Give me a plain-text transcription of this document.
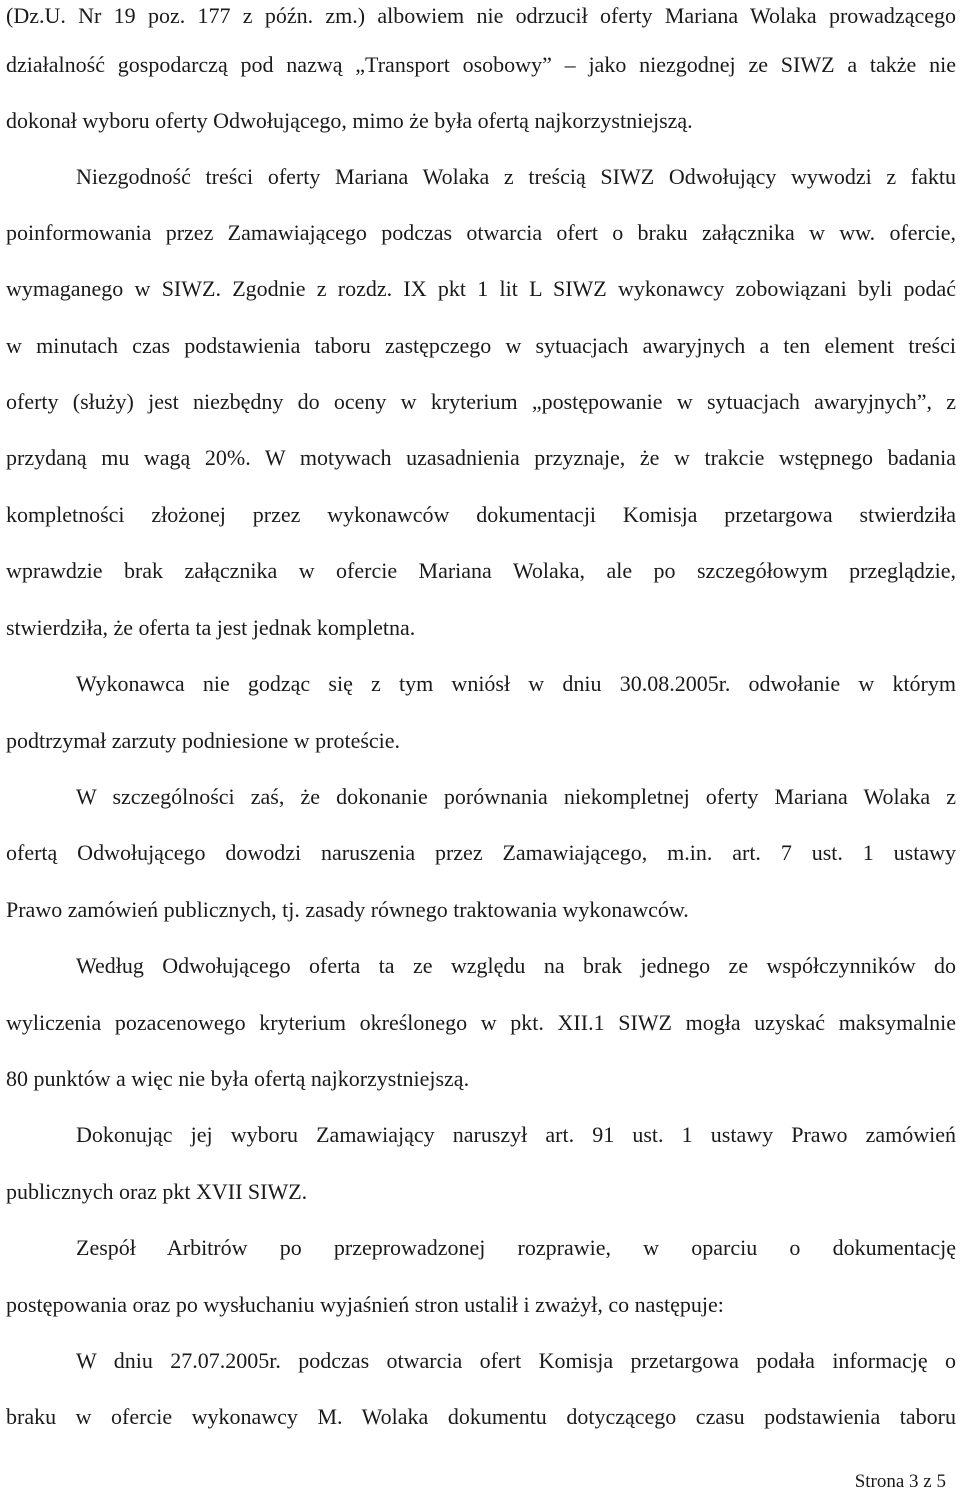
(Dz.U. Nr 19 poz. 177 z późn. zm.) albowiem nie odrzucił oferty Mariana Wolaka prowadzącego
działalność gospodarczą pod nazwą „Transport osobowy” – jako niezgodnej ze SIWZ a także nie
dokonał wyboru oferty Odwołującego, mimo że była ofertą najkorzystniejszą.
Niezgodność treści oferty Mariana Wolaka z treścią SIWZ Odwołujący wywodzi z faktu
poinformowania przez Zamawiającego podczas otwarcia ofert o braku załącznika w ww. ofercie,
wymaganego w SIWZ. Zgodnie z rozdz. IX pkt 1 lit L SIWZ wykonawcy zobowiązani byli podać
w minutach czas podstawienia taboru zastępczego w sytuacjach awaryjnych a ten element treści
oferty (służy) jest niezbędny do oceny w kryterium „postępowanie w sytuacjach awaryjnych”, z
przydaną mu wagą 20%. W motywach uzasadnienia przyznaje, że w trakcie wstępnego badania
kompletności złożonej przez wykonawców dokumentacji Komisja przetargowa stwierdziła
wprawdzie brak załącznika w ofercie Mariana Wolaka, ale po szczegółowym przeglądzie,
stwierdziła, że oferta ta jest jednak kompletna.
Wykonawca nie godząc się z tym wniósł w dniu 30.08.2005r. odwołanie w którym
podtrzymał zarzuty podniesione w proteście.
W szczególności zaś, że dokonanie porównania niekompletnej oferty Mariana Wolaka z
ofertą Odwołującego dowodzi naruszenia przez Zamawiającego, m.in. art. 7 ust. 1 ustawy
Prawo zamówień publicznych, tj. zasady równego traktowania wykonawców.
Według Odwołującego oferta ta ze względu na brak jednego ze współczynników do
wyliczenia pozacenowego kryterium określonego w pkt. XII.1 SIWZ mogła uzyskać maksymalnie
80 punktów a więc nie była ofertą najkorzystniejszą.
Dokonując jej wyboru Zamawiający naruszył art. 91 ust. 1 ustawy Prawo zamówień
publicznych oraz pkt XVII SIWZ.
Zespół Arbitrów po przeprowadzonej rozprawie, w oparciu o dokumentację
postępowania oraz po wysłuchaniu wyjaśnień stron ustalił i zważył, co następuje:
W dniu 27.07.2005r. podczas otwarcia ofert Komisja przetargowa podała informację o
braku w ofercie wykonawcy M. Wolaka dokumentu dotyczącego czasu podstawienia taboru
Strona 3 z 5
